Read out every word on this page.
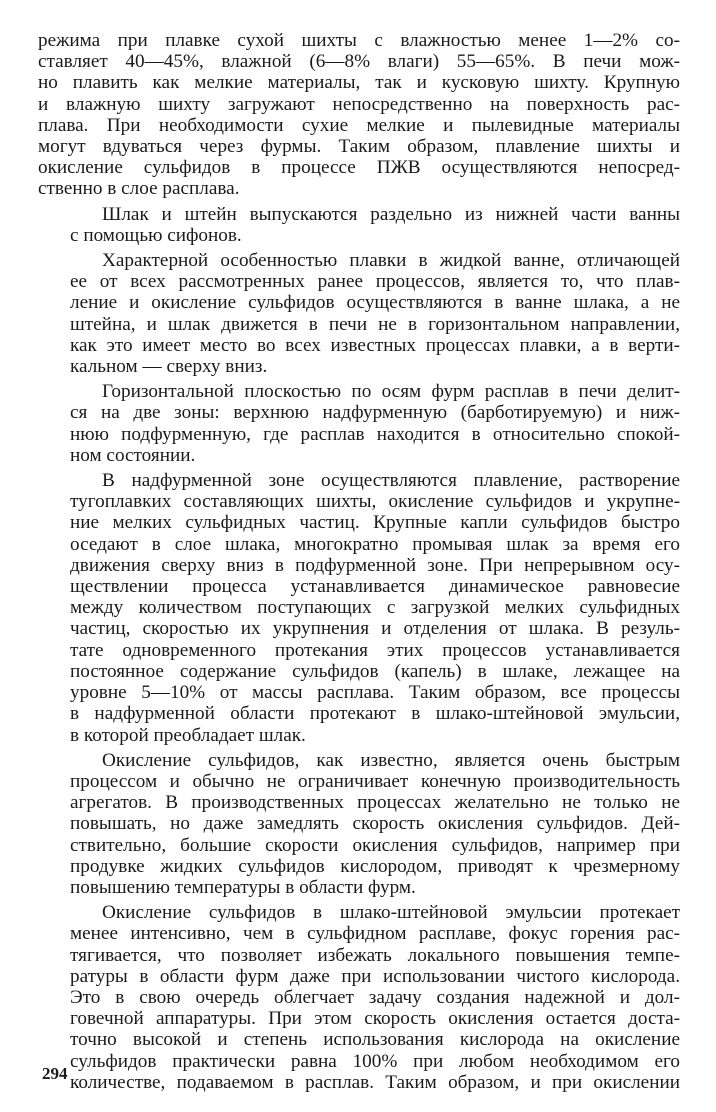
режима при плавке сухой шихты с влажностью менее 1—2% со-
ставляет 40—45%, влажной (6—8% влаги) 55—65%. В печи мож-
но плавить как мелкие материалы, так и кусковую шихту. Крупную
и влажную шихту загружают непосредственно на поверхность рас-
плава. При необходимости сухие мелкие и пылевидные материалы
могут вдуваться через фурмы. Таким образом, плавление шихты и
окисление сульфидов в процессе ПЖВ осуществляются непосред-
ственно в слое расплава.
Шлак и штейн выпускаются раздельно из нижней части ванны
с помощью сифонов.
Характерной особенностью плавки в жидкой ванне, отличающей
ее от всех рассмотренных ранее процессов, является то, что плав-
ление и окисление сульфидов осуществляются в ванне шлака, а не
штейна, и шлак движется в печи не в горизонтальном направлении,
как это имеет место во всех известных процессах плавки, а в верти-
кальном — сверху вниз.
Горизонтальной плоскостью по осям фурм расплав в печи делит-
ся на две зоны: верхнюю надфурменную (барботируемую) и ниж-
нюю подфурменную, где расплав находится в относительно спокой-
ном состоянии.
В надфурменной зоне осуществляются плавление, растворение
тугоплавких составляющих шихты, окисление сульфидов и укрупне-
ние мелких сульфидных частиц. Крупные капли сульфидов быстро
оседают в слое шлака, многократно промывая шлак за время его
движения сверху вниз в подфурменной зоне. При непрерывном осу-
ществлении процесса устанавливается динамическое равновесие
между количеством поступающих с загрузкой мелких сульфидных
частиц, скоростью их укрупнения и отделения от шлака. В резуль-
тате одновременного протекания этих процессов устанавливается
постоянное содержание сульфидов (капель) в шлаке, лежащее на
уровне 5—10% от массы расплава. Таким образом, все процессы
в надфурменной области протекают в шлако-штейновой эмульсии,
в которой преобладает шлак.
Окисление сульфидов, как известно, является очень быстрым
процессом и обычно не ограничивает конечную производительность
агрегатов. В производственных процессах желательно не только не
повышать, но даже замедлять скорость окисления сульфидов. Дей-
ствительно, большие скорости окисления сульфидов, например при
продувке жидких сульфидов кислородом, приводят к чрезмерному
повышению температуры в области фурм.
Окисление сульфидов в шлако-штейновой эмульсии протекает
менее интенсивно, чем в сульфидном расплаве, фокус горения рас-
тягивается, что позволяет избежать локального повышения темпе-
ратуры в области фурм даже при использовании чистого кислорода.
Это в свою очередь облегчает задачу создания надежной и дол-
говечной аппаратуры. При этом скорость окисления остается доста-
точно высокой и степень использования кислорода на окисление
сульфидов практически равна 100% при любом необходимом его
количестве, подаваемом в расплав. Таким образом, и при окислении
294
